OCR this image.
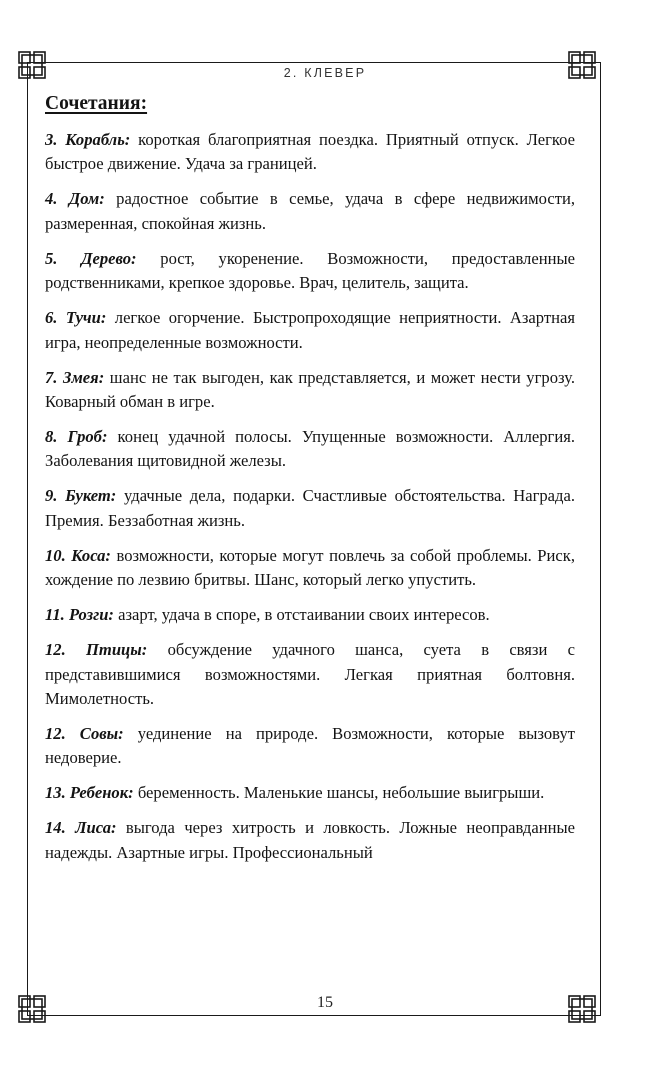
2. КЛЕВЕР
Сочетания:

3. Корабль: короткая благоприятная поездка. Приятный отпуск. Легкое быстрое движение. Удача за границей.

4. Дом: радостное событие в семье, удача в сфере недвижимости, размеренная, спокойная жизнь.

5. Дерево: рост, укоренение. Возможности, предоставленные родственниками, крепкое здоровье. Врач, целитель, защита.

6. Тучи: легкое огорчение. Быстропроходящие неприятности. Азартная игра, неопределенные возможности.

7. Змея: шанс не так выгоден, как представляется, и может нести угрозу. Коварный обман в игре.

8. Гроб: конец удачной полосы. Упущенные возможности. Аллергия. Заболевания щитовидной железы.

9. Букет: удачные дела, подарки. Счастливые обстоятельства. Награда. Премия. Беззаботная жизнь.

10. Коса: возможности, которые могут повлечь за собой проблемы. Риск, хождение по лезвию бритвы. Шанс, который легко упустить.

11. Розги: азарт, удача в споре, в отстаивании своих интересов.

12. Птицы: обсуждение удачного шанса, суета в связи с представившимися возможностями. Легкая приятная болтовня. Мимолетность.

12. Совы: уединение на природе. Возможности, которые вызовут недоверие.

13. Ребенок: беременность. Маленькие шансы, небольшие выигрыши.

14. Лиса: выгода через хитрость и ловкость. Ложные неоправданные надежды. Азартные игры. Профессиональный

15
